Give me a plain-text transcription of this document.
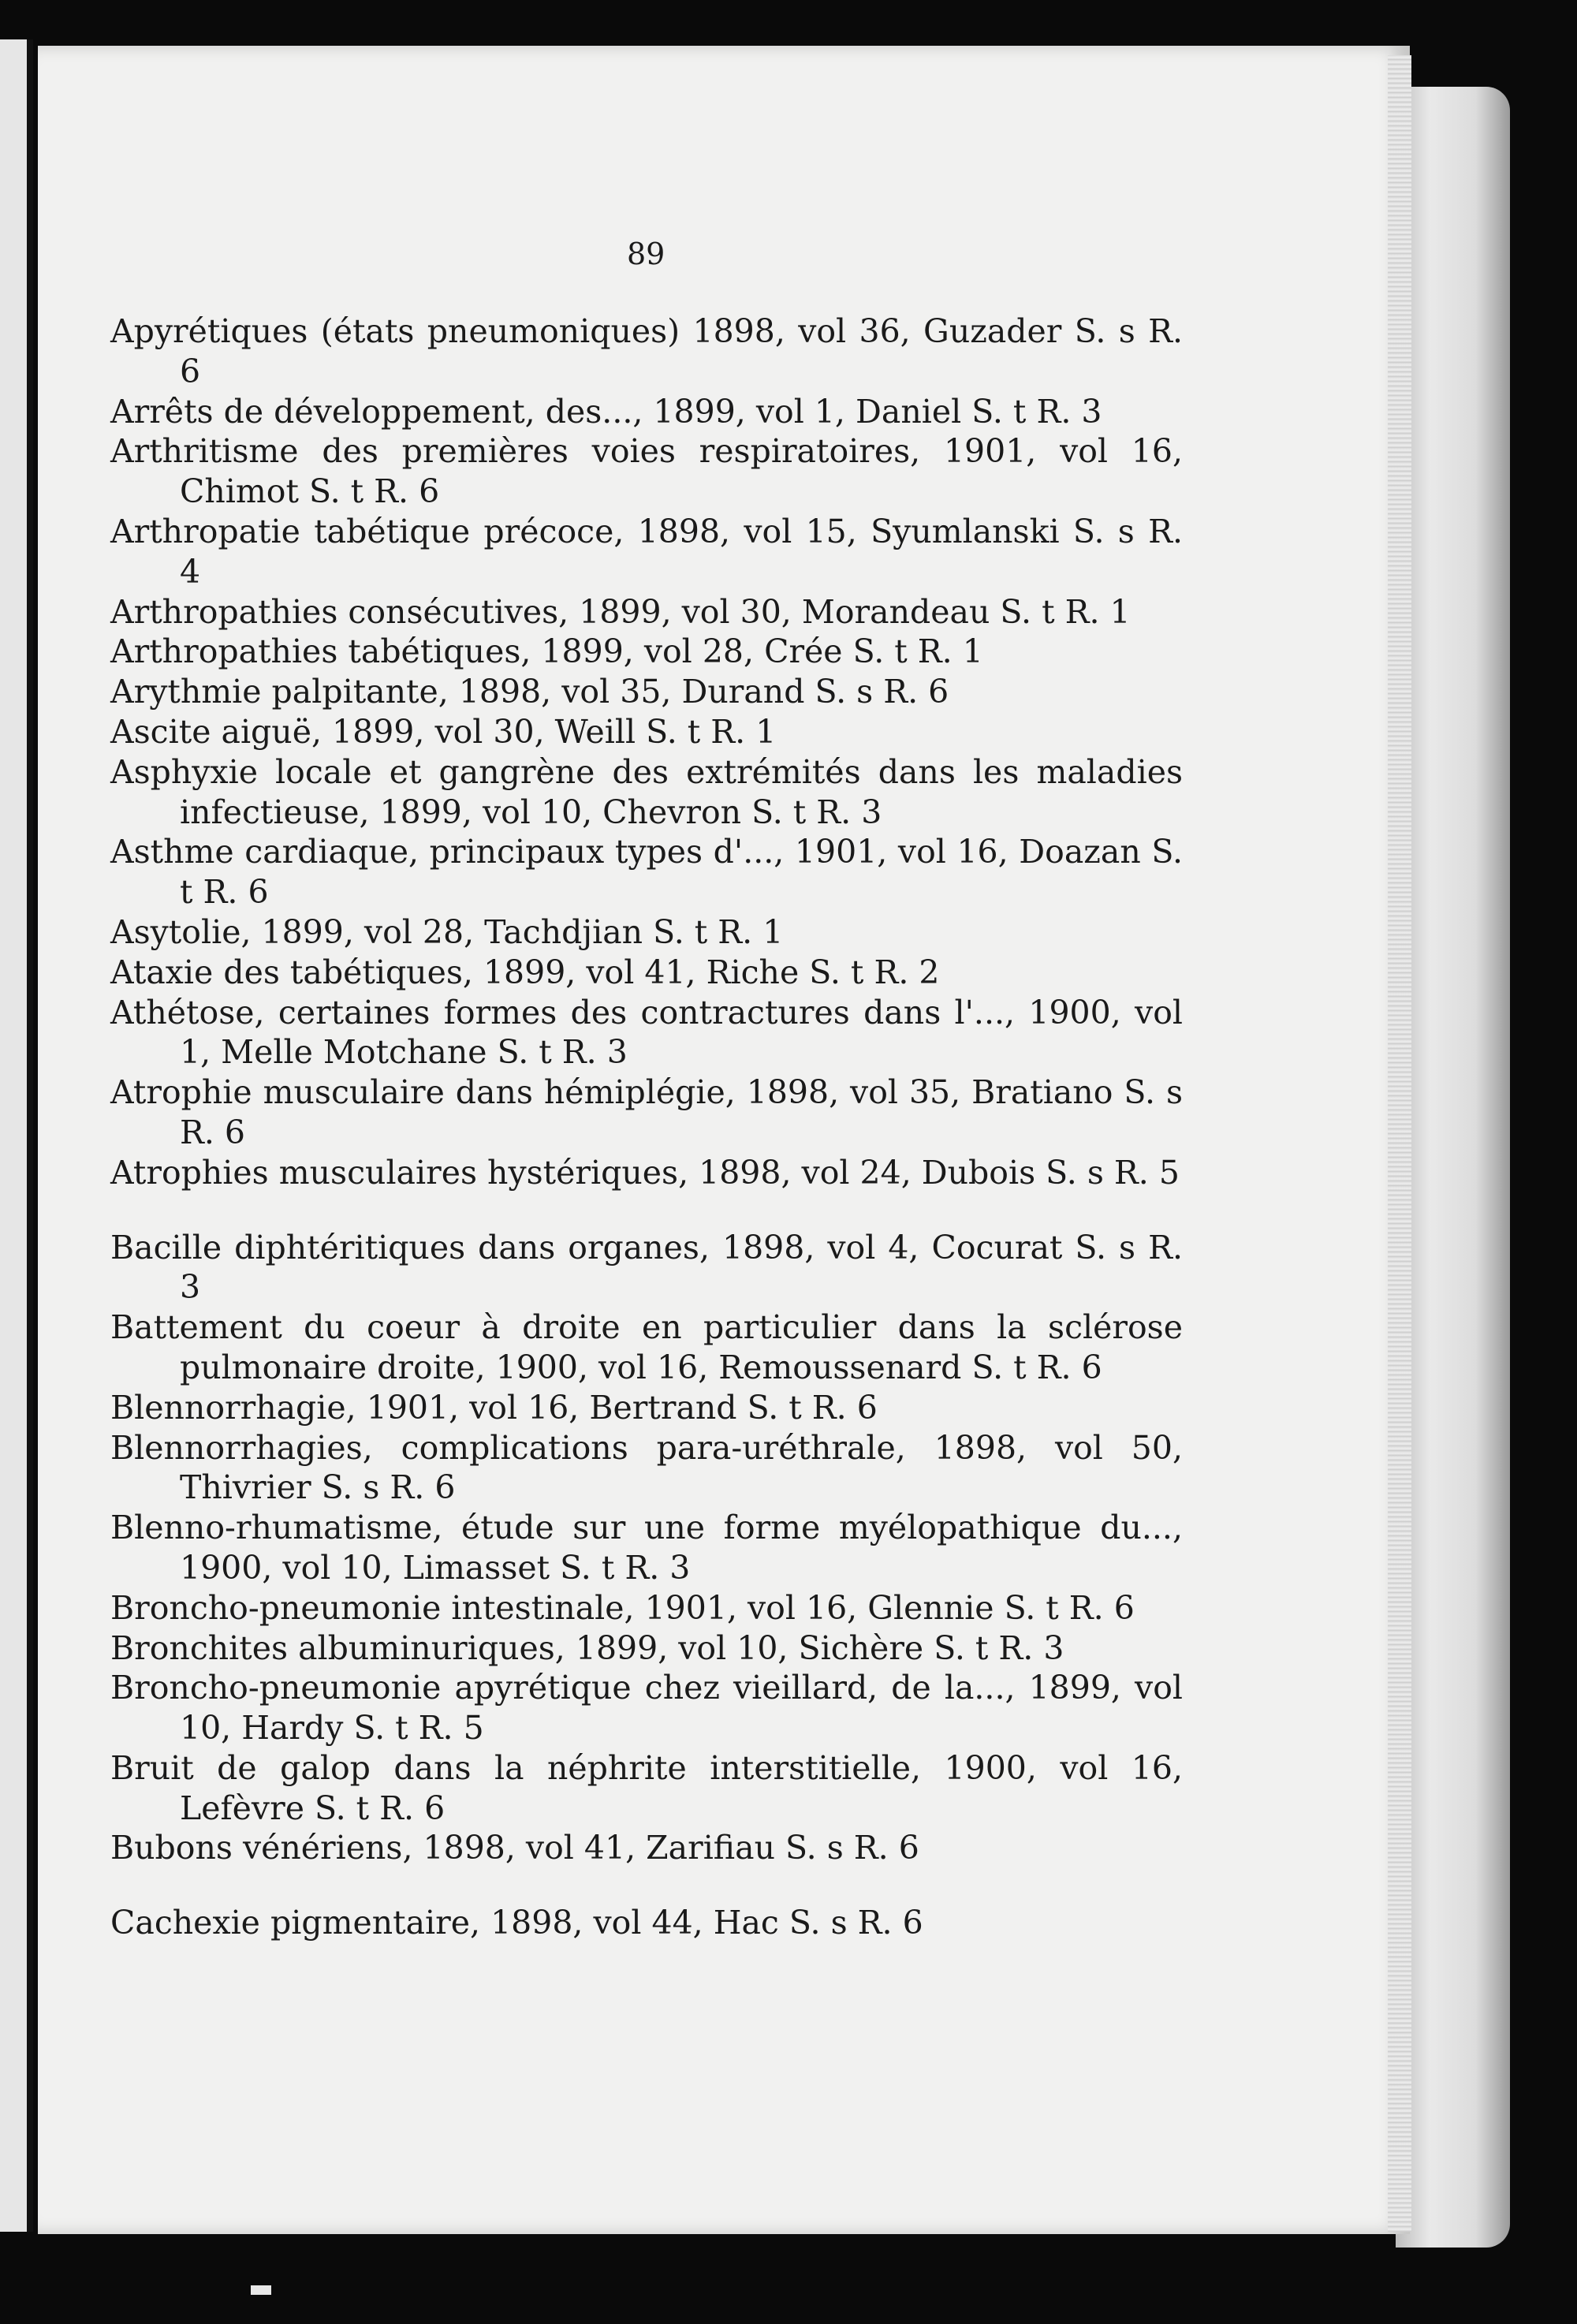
89
Apyrétiques (états pneumoniques) 1898, vol 36, Guzader S. s R. 6
Arrêts de développement, des..., 1899, vol 1, Daniel S. t R. 3
Arthritisme des premières voies respiratoires, 1901, vol 16, Chimot S. t R. 6
Arthropatie tabétique précoce, 1898, vol 15, Syumlanski S. s R. 4
Arthropathies consécutives, 1899, vol 30, Morandeau S. t R. 1
Arthropathies tabétiques, 1899, vol 28, Crée S. t R. 1
Arythmie palpitante, 1898, vol 35, Durand S. s R. 6
Ascite aiguë, 1899, vol 30, Weill S. t R. 1
Asphyxie locale et gangrène des extrémités dans les maladies infectieuse, 1899, vol 10, Chevron S. t R. 3
Asthme cardiaque, principaux types d'..., 1901, vol 16, Doazan S. t R. 6
Asytolie, 1899, vol 28, Tachdjian S. t R. 1
Ataxie des tabétiques, 1899, vol 41, Riche S. t R. 2
Athétose, certaines formes des contractures dans l'..., 1900, vol 1, Melle Motchane S. t R. 3
Atrophie musculaire dans hémiplégie, 1898, vol 35, Bratiano S. s R. 6
Atrophies musculaires hystériques, 1898, vol 24, Dubois S. s R. 5
Bacille diphtéritiques dans organes, 1898, vol 4, Cocurat S. s R. 3
Battement du coeur à droite en particulier dans la sclérose pulmonaire droite, 1900, vol 16, Remoussenard S. t R. 6
Blennorrhagie, 1901, vol 16, Bertrand S. t R. 6
Blennorrhagies, complications para-uréthrale, 1898, vol 50, Thivrier S. s R. 6
Blenno-rhumatisme, étude sur une forme myélopathique du..., 1900, vol 10, Limasset S. t R. 3
Broncho-pneumonie intestinale, 1901, vol 16, Glennie S. t R. 6
Bronchites albuminuriques, 1899, vol 10, Sichère S. t R. 3
Broncho-pneumonie apyrétique chez vieillard, de la..., 1899, vol 10, Hardy S. t R. 5
Bruit de galop dans la néphrite interstitielle, 1900, vol 16, Lefèvre S. t R. 6
Bubons vénériens, 1898, vol 41, Zarifiau S. s R. 6
Cachexie pigmentaire, 1898, vol 44, Hac S. s R. 6
